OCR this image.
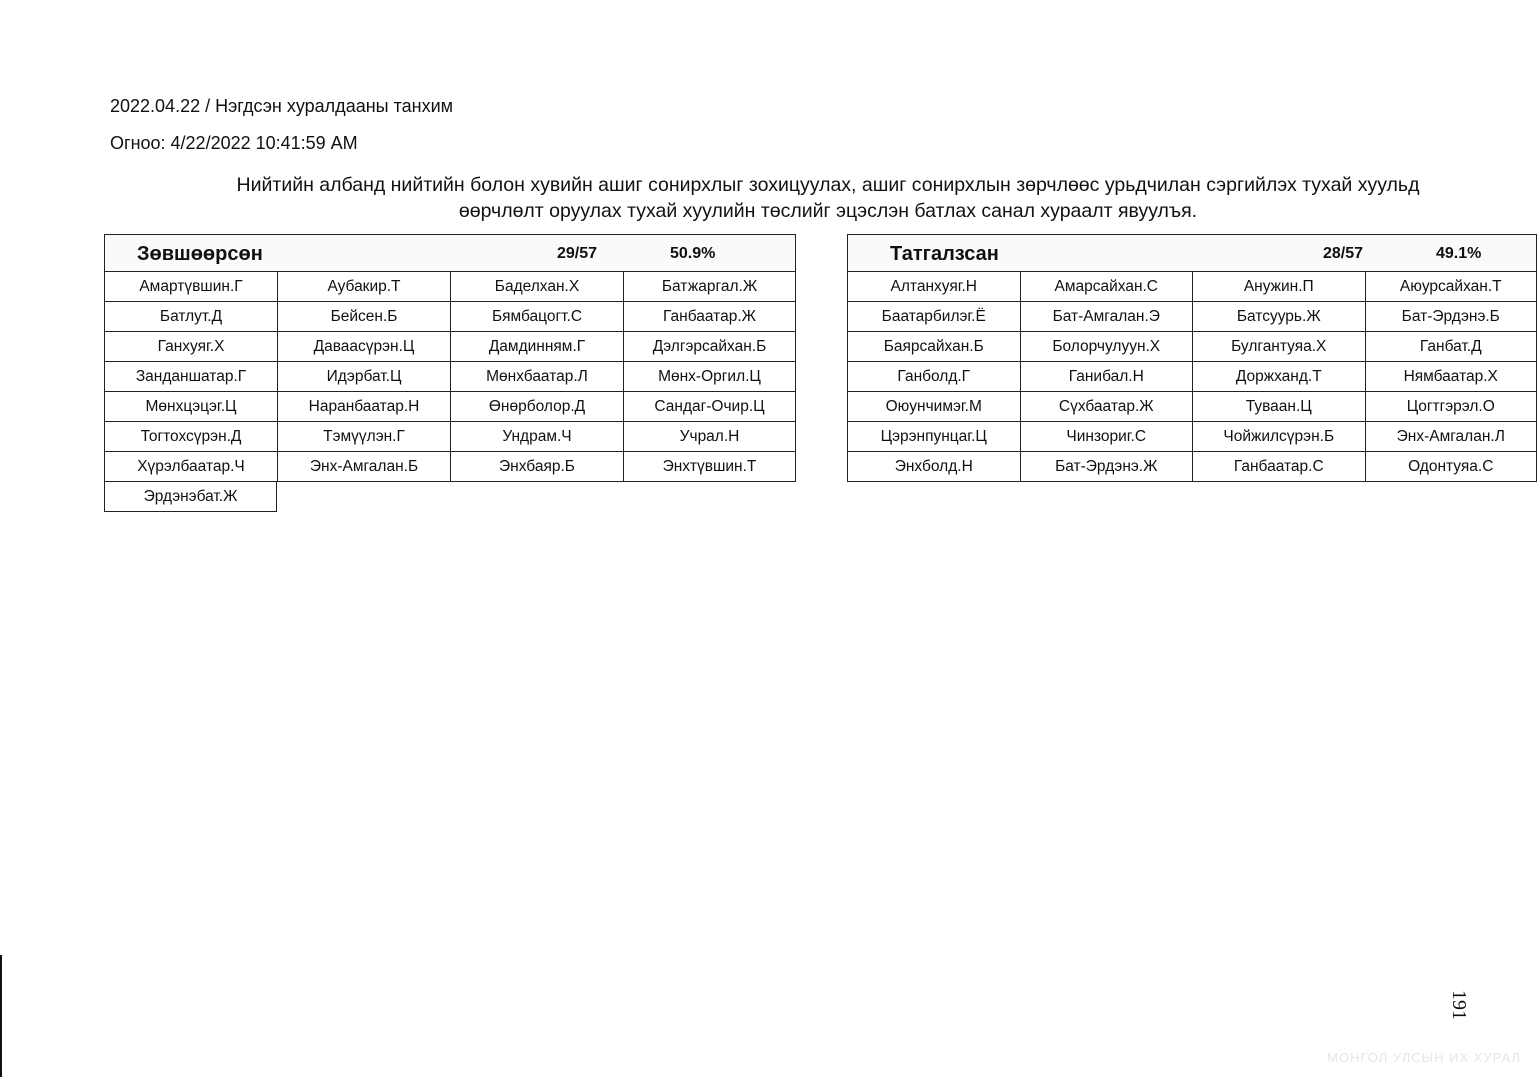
2022.04.22 / Нэгдсэн хуралдааны танхим
Огноо: 4/22/2022 10:41:59 AM
Нийтийн албанд нийтийн болон хувийн ашиг сонирхлыг зохицуулах, ашиг сонирхлын зөрчлөөс урьдчилан сэргийлэх тухай хуульд
өөрчлөлт оруулах тухай хуулийн төслийг эцэслэн батлах санал хураалт явуулъя.
Зөвшөөрсөн	29/57	50.9%
Амартүвшин.Г	Аубакир.Т	Баделхан.Х	Батжаргал.Ж
Батлут.Д	Бейсен.Б	Бямбацогт.С	Ганбаатар.Ж
Ганхуяг.Х	Даваасүрэн.Ц	Дамдинням.Г	Дэлгэрсайхан.Б
Занданшатар.Г	Идэрбат.Ц	Мөнхбаатар.Л	Мөнх-Оргил.Ц
Мөнхцэцэг.Ц	Наранбаатар.Н	Өнөрболор.Д	Сандаг-Очир.Ц
Тогтохсүрэн.Д	Тэмүүлэн.Г	Ундрам.Ч	Учрал.Н
Хүрэлбаатар.Ч	Энх-Амгалан.Б	Энхбаяр.Б	Энхтүвшин.Т
Эрдэнэбат.Ж
Татгалзсан	28/57	49.1%
Алтанхуяг.Н	Амарсайхан.С	Анужин.П	Аюурсайхан.Т
Баатарбилэг.Ё	Бат-Амгалан.Э	Батсуурь.Ж	Бат-Эрдэнэ.Б
Баярсайхан.Б	Болорчулуун.Х	Булгантуяа.Х	Ганбат.Д
Ганболд.Г	Ганибал.Н	Доржханд.Т	Нямбаатар.Х
Оюунчимэг.М	Сүхбаатар.Ж	Туваан.Ц	Цогтгэрэл.О
Цэрэнпунцаг.Ц	Чинзориг.С	Чойжилсүрэн.Б	Энх-Амгалан.Л
Энхболд.Н	Бат-Эрдэнэ.Ж	Ганбаатар.С	Одонтуяа.С
191
МОНГОЛ УЛСЫН ИХ ХУРАЛ
